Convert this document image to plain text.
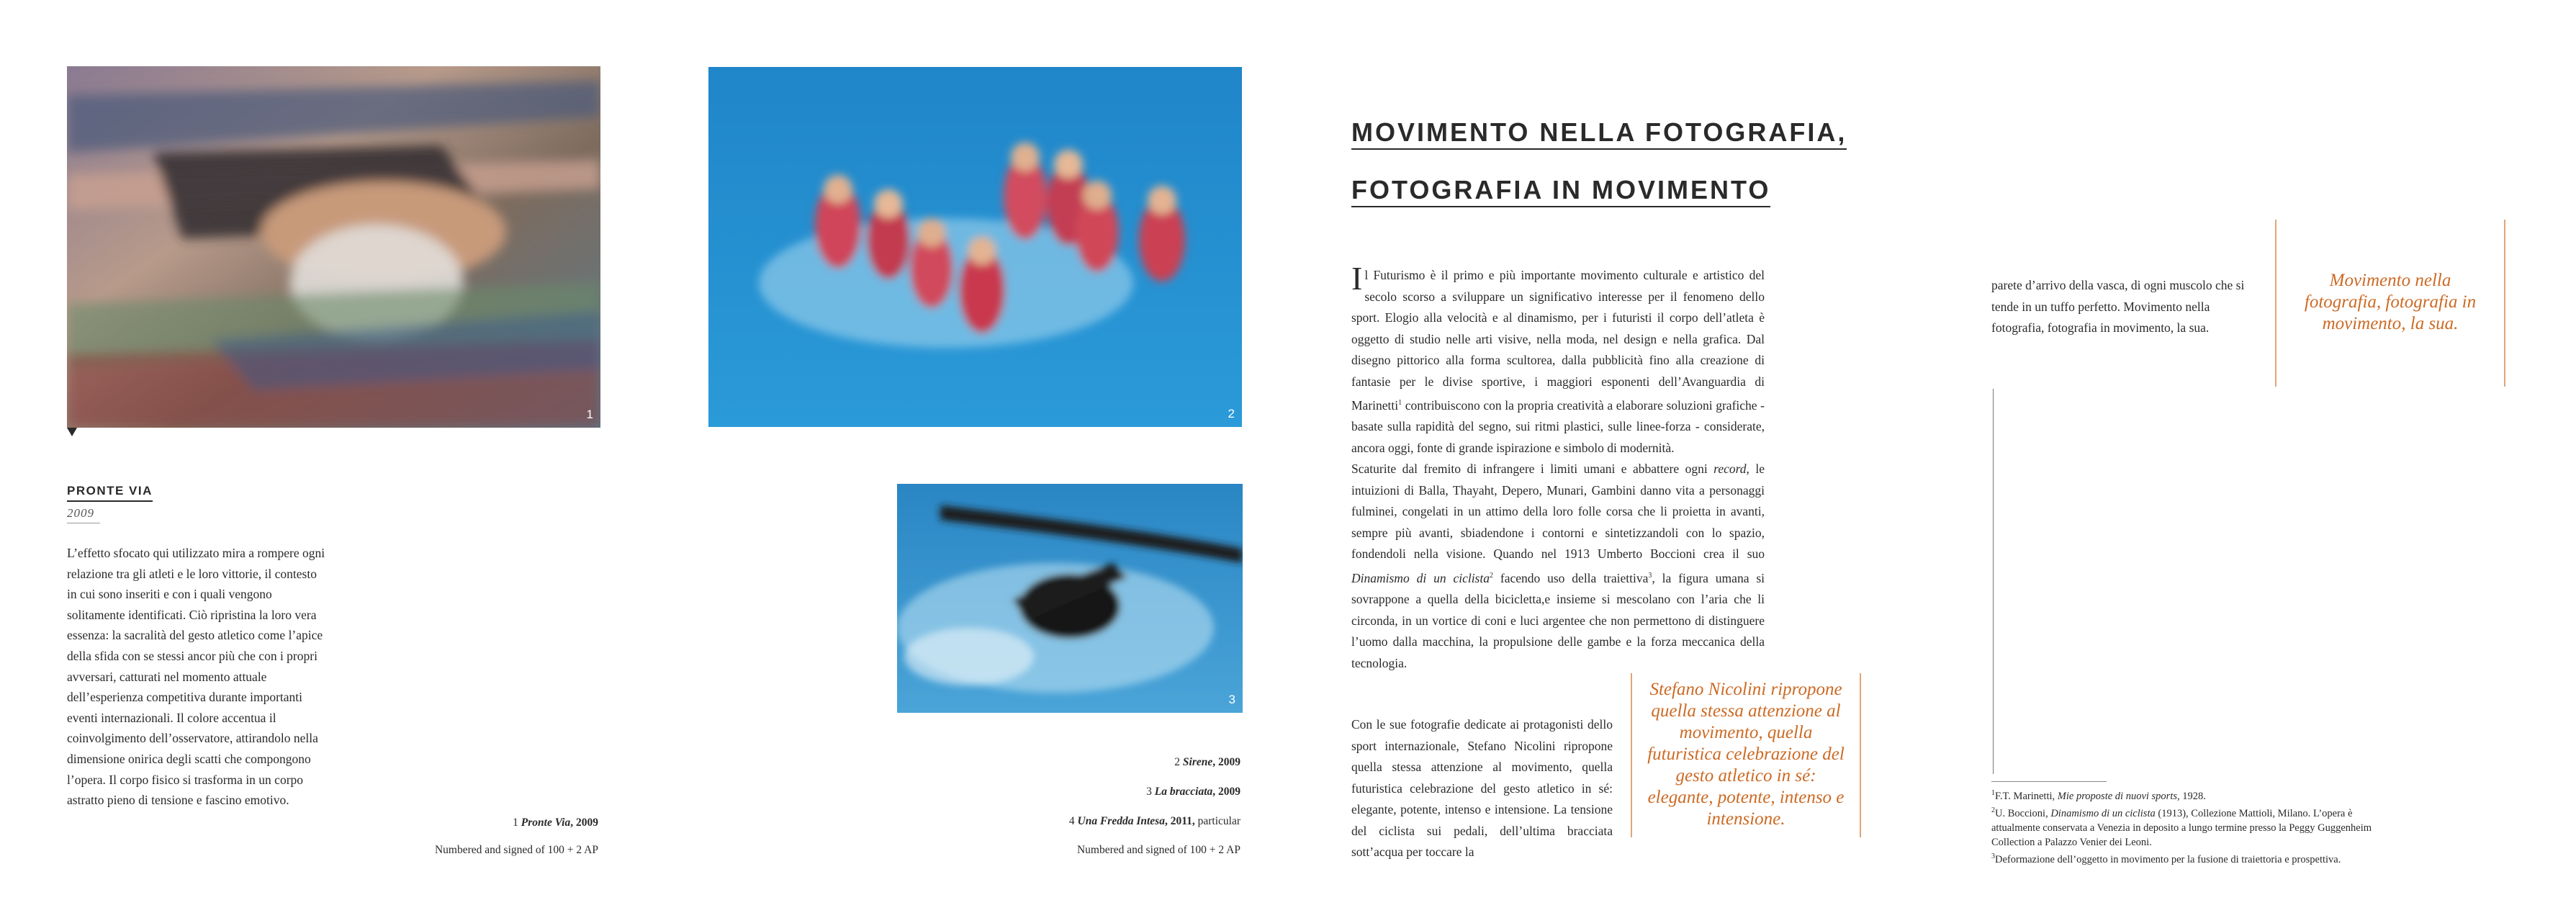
1	2
3
PRONTE VIA
2009
L’effetto sfocato qui utilizzato mira a rompere ogni relazione tra gli atleti e le loro vittorie, il contesto in cui sono inseriti e con i quali vengono solitamente identificati. Ciò ripristina la loro vera essenza: la sacralità del gesto atletico come l’apice della sfida con se stessi ancor più che con i propri avversari, catturati nel momento attuale dell’esperienza competitiva durante importanti eventi internazionali. Il colore accentua il coinvolgimento dell’osservatore, attirandolo nella dimensione onirica degli scatti che compongono l’opera. Il corpo fisico si trasforma in un corpo astratto pieno di tensione e fascino emotivo.
1 Pronte Via, 2009
Numbered and signed of 100 + 2 AP
2 Sirene, 2009
3 La bracciata, 2009
4 Una Fredda Intesa, 2011, particular
Numbered and signed of 100 + 2 AP
MOVIMENTO NELLA FOTOGRAFIA,
FOTOGRAFIA IN MOVIMENTO

Il Futurismo è il primo e più importante movimento culturale e artistico del secolo scorso a sviluppare un significativo interesse per il fenomeno dello sport. Elogio alla velocità e al dinamismo, per i futuristi il corpo dell’atleta è oggetto di studio nelle arti visive, nella moda, nel design e nella grafica. Dal disegno pittorico alla forma scultorea, dalla pubblicità fino alla creazione di fantasie per le divise sportive, i maggiori esponenti dell’Avanguardia di Marinetti$^1$ contribuiscono con la propria creatività a elaborare soluzioni grafiche - basate sulla rapidità del segno, sui ritmi plastici, sulle linee-forza - considerate, ancora oggi, fonte di grande ispirazione e simbolo di modernità.

Scaturite dal fremito di infrangere i limiti umani e abbattere ogni record, le intuizioni di Balla, Thayaht, Depero, Munari, Gambini danno vita a personaggi fulminei, congelati in un attimo della loro folle corsa che li proietta in avanti, sempre più avanti, sbiadendone i contorni e sintetizzandoli con lo spazio, fondendoli nella visione. Quando nel 1913 Umberto Boccioni crea il suo Dinamismo di un ciclista$^2$ facendo uso della traiettiva$^3$, la figura umana si sovrappone a quella della bicicletta,e insieme si mescolano con l’aria che li circonda, in un vortice di coni e luci argentee che non permettono di distinguere l’uomo dalla macchina, la propulsione delle gambe e la forza meccanica della tecnologia.

Con le sue fotografie dedicate ai protagonisti dello sport internazionale, Stefano Nicolini ripropone quella stessa attenzione al movimento, quella futuristica celebrazione del gesto atletico in sé: elegante, potente, intenso e intensione. La tensione del ciclista sui pedali, dell’ultima bracciata sott’acqua per toccare la

Stefano Nicolini ripropone quella stessa attenzione al movimento, quella futuristica celebrazione del gesto atletico in sé: elegante, potente, intenso e intensione.
parete d’arrivo della vasca, di ogni muscolo che si tende in un tuffo perfetto. Movimento nella fotografia, fotografia in movimento, la sua.
Movimento nella fotografia, fotografia in movimento, la sua.
$^1$F.T. Marinetti, Mie proposte di nuovi sports, 1928.
$^2$U. Boccioni, Dinamismo di un ciclista (1913), Collezione Mattioli, Milano. L’opera è attualmente conservata a Venezia in deposito a lungo termine presso la Peggy Guggenheim Collection a Palazzo Venier dei Leoni.
$^3$Deformazione dell’oggetto in movimento per la fusione di traiettoria e prospettiva.
